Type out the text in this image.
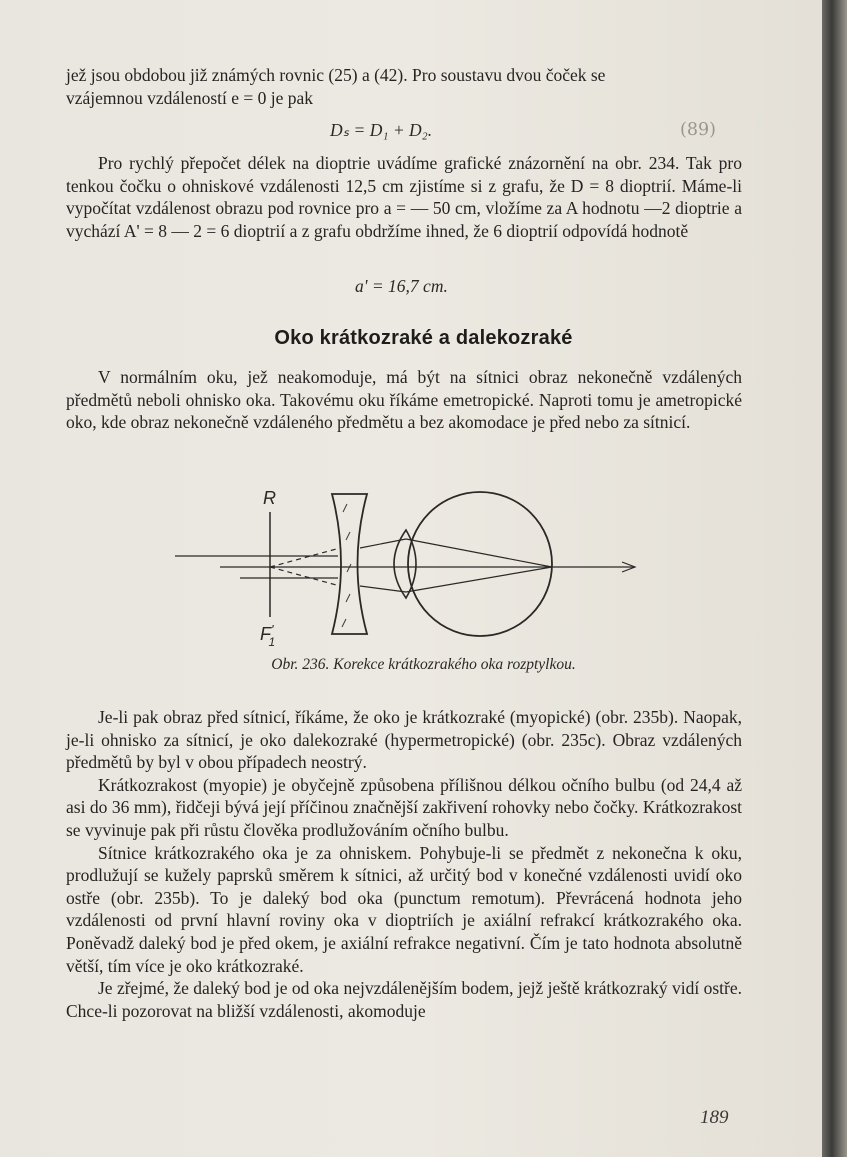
jež jsou obdobou již známých rovnic (25) a (42). Pro soustavu dvou čoček se

vzájemnou vzdáleností e = 0 je pak

Dₛ = D₁ + D₂.	(89)

Pro rychlý přepočet délek na dioptrie uvádíme grafické znázornění na obr. 234. Tak pro tenkou čočku o ohniskové vzdálenosti 12,5 cm zjistíme si z grafu, že D = 8 dioptrií. Máme-li vypočítat vzdálenost obrazu pod rovnice pro a = — 50 cm, vložíme za A hodnotu —2 dioptrie a vychází A' = 8 — 2 = 6 dioptrií a z grafu obdržíme ihned, že 6 dioptrií odpovídá hodnotě

a' = 16,7 cm.
Oko krátkozraké a dalekozraké

V normálním oku, jež neakomoduje, má být na sítnici obraz nekonečně vzdálených předmětů neboli ohnisko oka. Takovému oku říkáme emetropické. Naproti tomu je ametropické oko, kde obraz nekonečně vzdáleného předmětu a bez akomodace je před nebo za sítnicí.

R
F' 1
Obr. 236. Korekce krátkozrakého oka rozptylkou.

Je-li pak obraz před sítnicí, říkáme, že oko je krátkozraké (myopické) (obr. 235b). Naopak, je-li ohnisko za sítnicí, je oko dalekozraké (hypermetropické) (obr. 235c). Obraz vzdálených předmětů by byl v obou případech neostrý.

Krátkozrakost (myopie) je obyčejně způsobena přílišnou délkou očního bulbu (od 24,4 až asi do 36 mm), řidčeji bývá její příčinou značnější zakřivení rohovky nebo čočky. Krátkozrakost se vyvinuje pak při růstu člověka prodlužováním očního bulbu.

Sítnice krátkozrakého oka je za ohniskem. Pohybuje-li se předmět z nekonečna k oku, prodlužují se kužely paprsků směrem k sítnici, až určitý bod v konečné vzdálenosti uvidí oko ostře (obr. 235b). To je daleký bod oka (punctum remotum). Převrácená hodnota jeho vzdálenosti od první hlavní roviny oka v dioptriích je axiální refrakcí krátkozrakého oka. Poněvadž daleký bod je před okem, je axiální refrakce negativní. Čím je tato hodnota absolutně větší, tím více je oko krátkozraké.

Je zřejmé, že daleký bod je od oka nejvzdálenějším bodem, jejž ještě krátkozraký vidí ostře. Chce-li pozorovat na bližší vzdálenosti, akomoduje

189
